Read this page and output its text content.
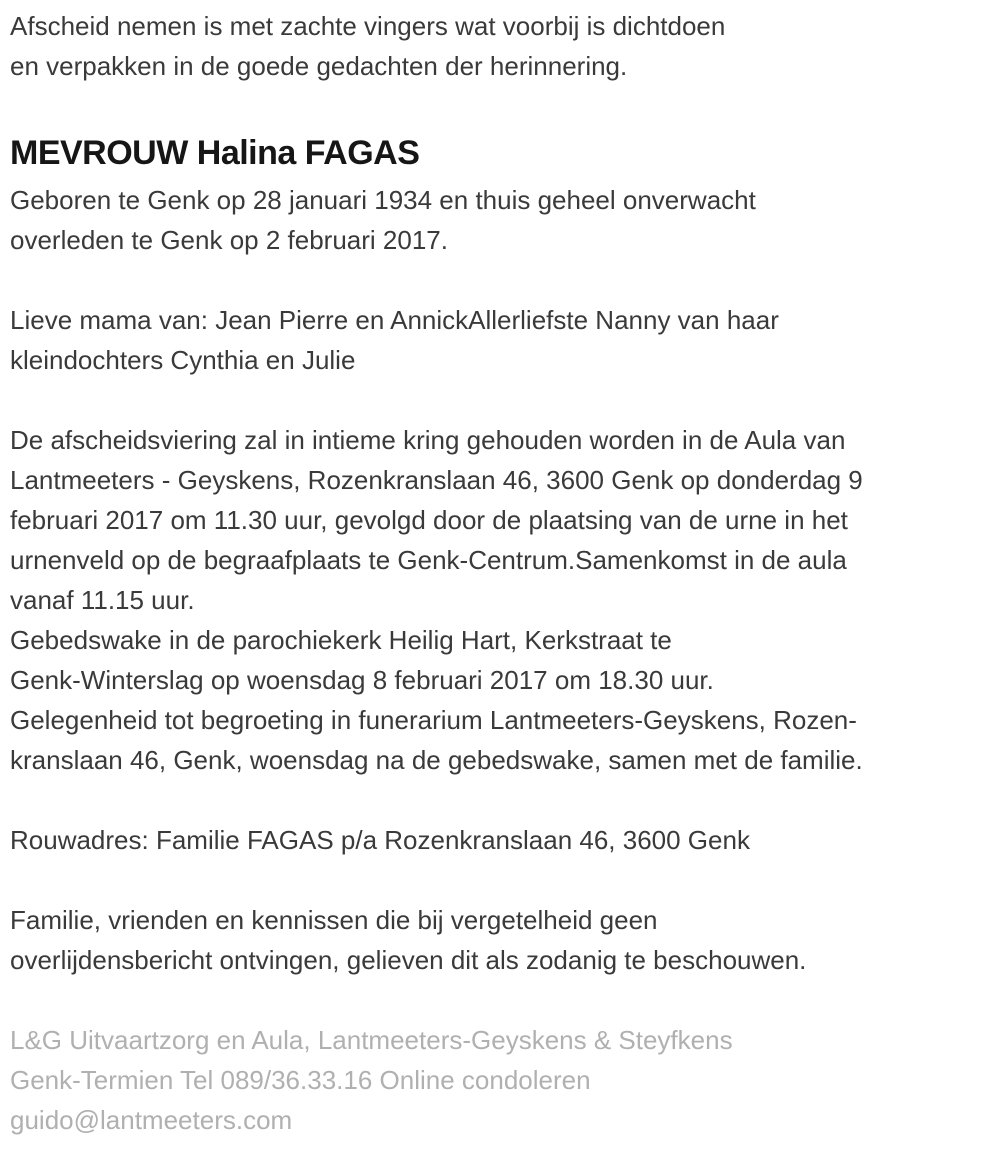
Afscheid nemen is met zachte vingers wat voorbij is dichtdoen
en verpakken in de goede gedachten der herinnering.
MEVROUW Halina FAGAS
Geboren te Genk op 28 januari 1934 en thuis geheel onverwacht
overleden te Genk op 2 februari 2017.
Lieve mama van: Jean Pierre en AnnickAllerliefste Nanny van haar
kleindochters Cynthia en Julie
De afscheidsviering zal in intieme kring gehouden worden in de Aula van
Lantmeeters - Geyskens, Rozenkranslaan 46, 3600 Genk op donderdag 9
februari 2017 om 11.30 uur, gevolgd door de plaatsing van de urne in het
urnenveld op de begraafplaats te Genk-Centrum.Samenkomst in de aula
vanaf 11.15 uur.
Gebedswake in de parochiekerk Heilig Hart, Kerkstraat te
Genk-Winterslag op woensdag 8 februari 2017 om 18.30 uur.
Gelegenheid tot begroeting in funerarium Lantmeeters-Geyskens, Rozen-
kranslaan 46, Genk, woensdag na de gebedswake, samen met de familie.
Rouwadres: Familie FAGAS p/a Rozenkranslaan 46, 3600 Genk
Familie, vrienden en kennissen die bij vergetelheid geen
overlijdensbericht ontvingen, gelieven dit als zodanig te beschouwen.
L&G Uitvaartzorg en Aula, Lantmeeters-Geyskens & Steyfkens
Genk-Termien Tel 089/36.33.16 Online condoleren
guido@lantmeeters.com
